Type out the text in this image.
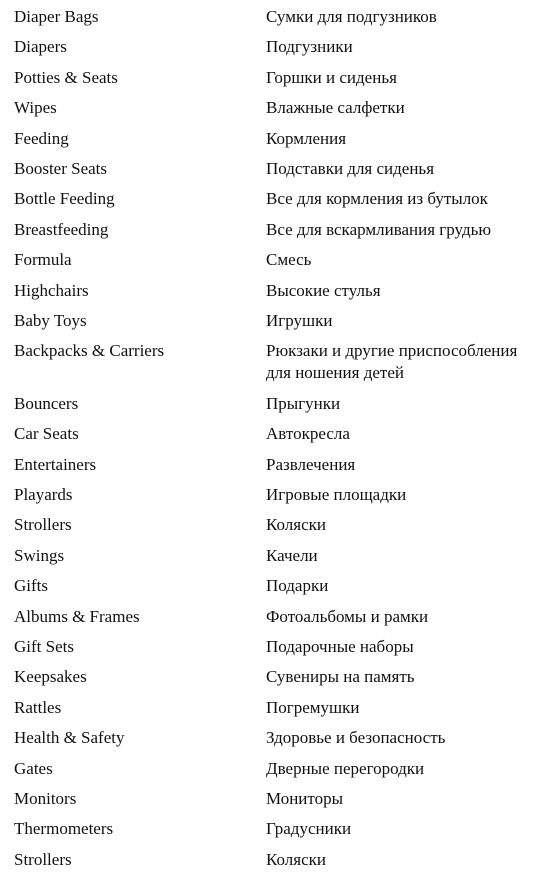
Diaper Bags	Сумки для подгузников
Diapers	Подгузники
Potties & Seats	Горшки и сиденья
Wipes	Влажные салфетки
Feeding	Кормления
Booster Seats	Подставки для сиденья
Bottle Feeding	Все для кормления из бутылок
Breastfeeding	Все для вскармливания грудью
Formula	Смесь
Highchairs	Высокие стулья
Baby Toys	Игрушки
Backpacks & Carriers	Рюкзаки и другие приспособления для ношения детей
Bouncers	Прыгунки
Car Seats	Автокресла
Entertainers	Развлечения
Playards	Игровые площадки
Strollers	Коляски
Swings	Качели
Gifts	Подарки
Albums & Frames	Фотоальбомы и рамки
Gift Sets	Подарочные наборы
Keepsakes	Сувениры на память
Rattles	Погремушки
Health & Safety	Здоровье и безопасность
Gates	Дверные перегородки
Monitors	Мониторы
Thermometers	Градусники
Strollers	Коляски
